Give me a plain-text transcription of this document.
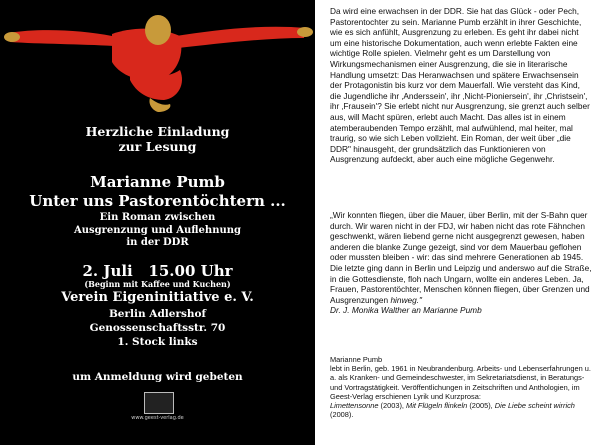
Herzliche Einladung
zur Lesung
Marianne Pumb
Unter uns Pastorentöchtern ...
Ein Roman zwischen
Ausgrenzung und Auflehnung
in der DDR
2. Juli 15.00 Uhr
(Beginn mit Kaffee und Kuchen)
Verein Eigeninitiative e. V.
Berlin Adlershof
Genossenschaftsstr. 70
1. Stock links
um Anmeldung wird gebeten
www.geest-verlag.de

Da wird eine erwachsen in der DDR. Sie hat das Glück - oder Pech, Pastorentochter zu sein. Marianne Pumb erzählt in ihrer Geschichte, wie es sich anfühlt, Ausgrenzung zu erleben. Es geht ihr dabei nicht um eine historische Dokumentation, auch wenn erlebte Fakten eine wichtige Rolle spielen. Vielmehr geht es um Darstellung von Wirkungsmechanismen einer Ausgrenzung, die sie in literarische Handlung umsetzt: Das Heranwachsen und spätere Erwachsensein der Protagonistin bis kurz vor dem Mauerfall. Wie versteht das Kind, die Jugendliche ihr ‚Anderssein', ihr ‚Nicht-Pioniersein', ihr ‚Christsein', ihr ‚Frausein'? Sie erlebt nicht nur Ausgrenzung, sie grenzt auch selber aus, will Macht spüren, erlebt auch Macht. Das alles ist in einem atemberaubenden Tempo erzählt, mal aufwühlend, mal heiter, mal traurig, so wie sich Leben vollzieht. Ein Roman, der weit über „die DDR" hinausgeht, der grundsätzlich das Funktionieren von Ausgrenzung aufdeckt, aber auch eine mögliche Gegenwehr.

„Wir konnten fliegen, über die Mauer, über Berlin, mit der S-Bahn quer durch. Wir waren nicht in der FDJ, wir haben nicht das rote Fähnchen geschwenkt, wären liebend gerne nicht ausgegrenzt gewesen, haben anderen die blanke Zunge gezeigt, sind vor dem Mauerbau geflohen oder mussten bleiben - wir: das sind mehrere Generationen ab 1945. Die letzte ging dann in Berlin und Leipzig und anderswo auf die Straße, in die Gottesdienste, floh nach Ungarn, wollte ein anderes Leben. Ja, Frauen, Pastorentöchter, Menschen können fliegen, über Grenzen und Ausgrenzungen hinweg."
Dr. J. Monika Walther an Marianne Pumb

Marianne Pumb
lebt in Berlin, geb. 1961 in Neubrandenburg. Arbeits- und Lebenserfahrungen u. a. als Kranken- und Gemeindeschwester, im Sekretariatsdienst, in Beratungs- und Vortragstätigkeit. Veröffentlichungen in Zeitschriften und Anthologien, im Geest-Verlag erschienen Lyrik und Kurzprosa:
Limettensonne (2003), Mit Flügeln flinkeln (2005), Die Liebe scheint wirrich (2008).
